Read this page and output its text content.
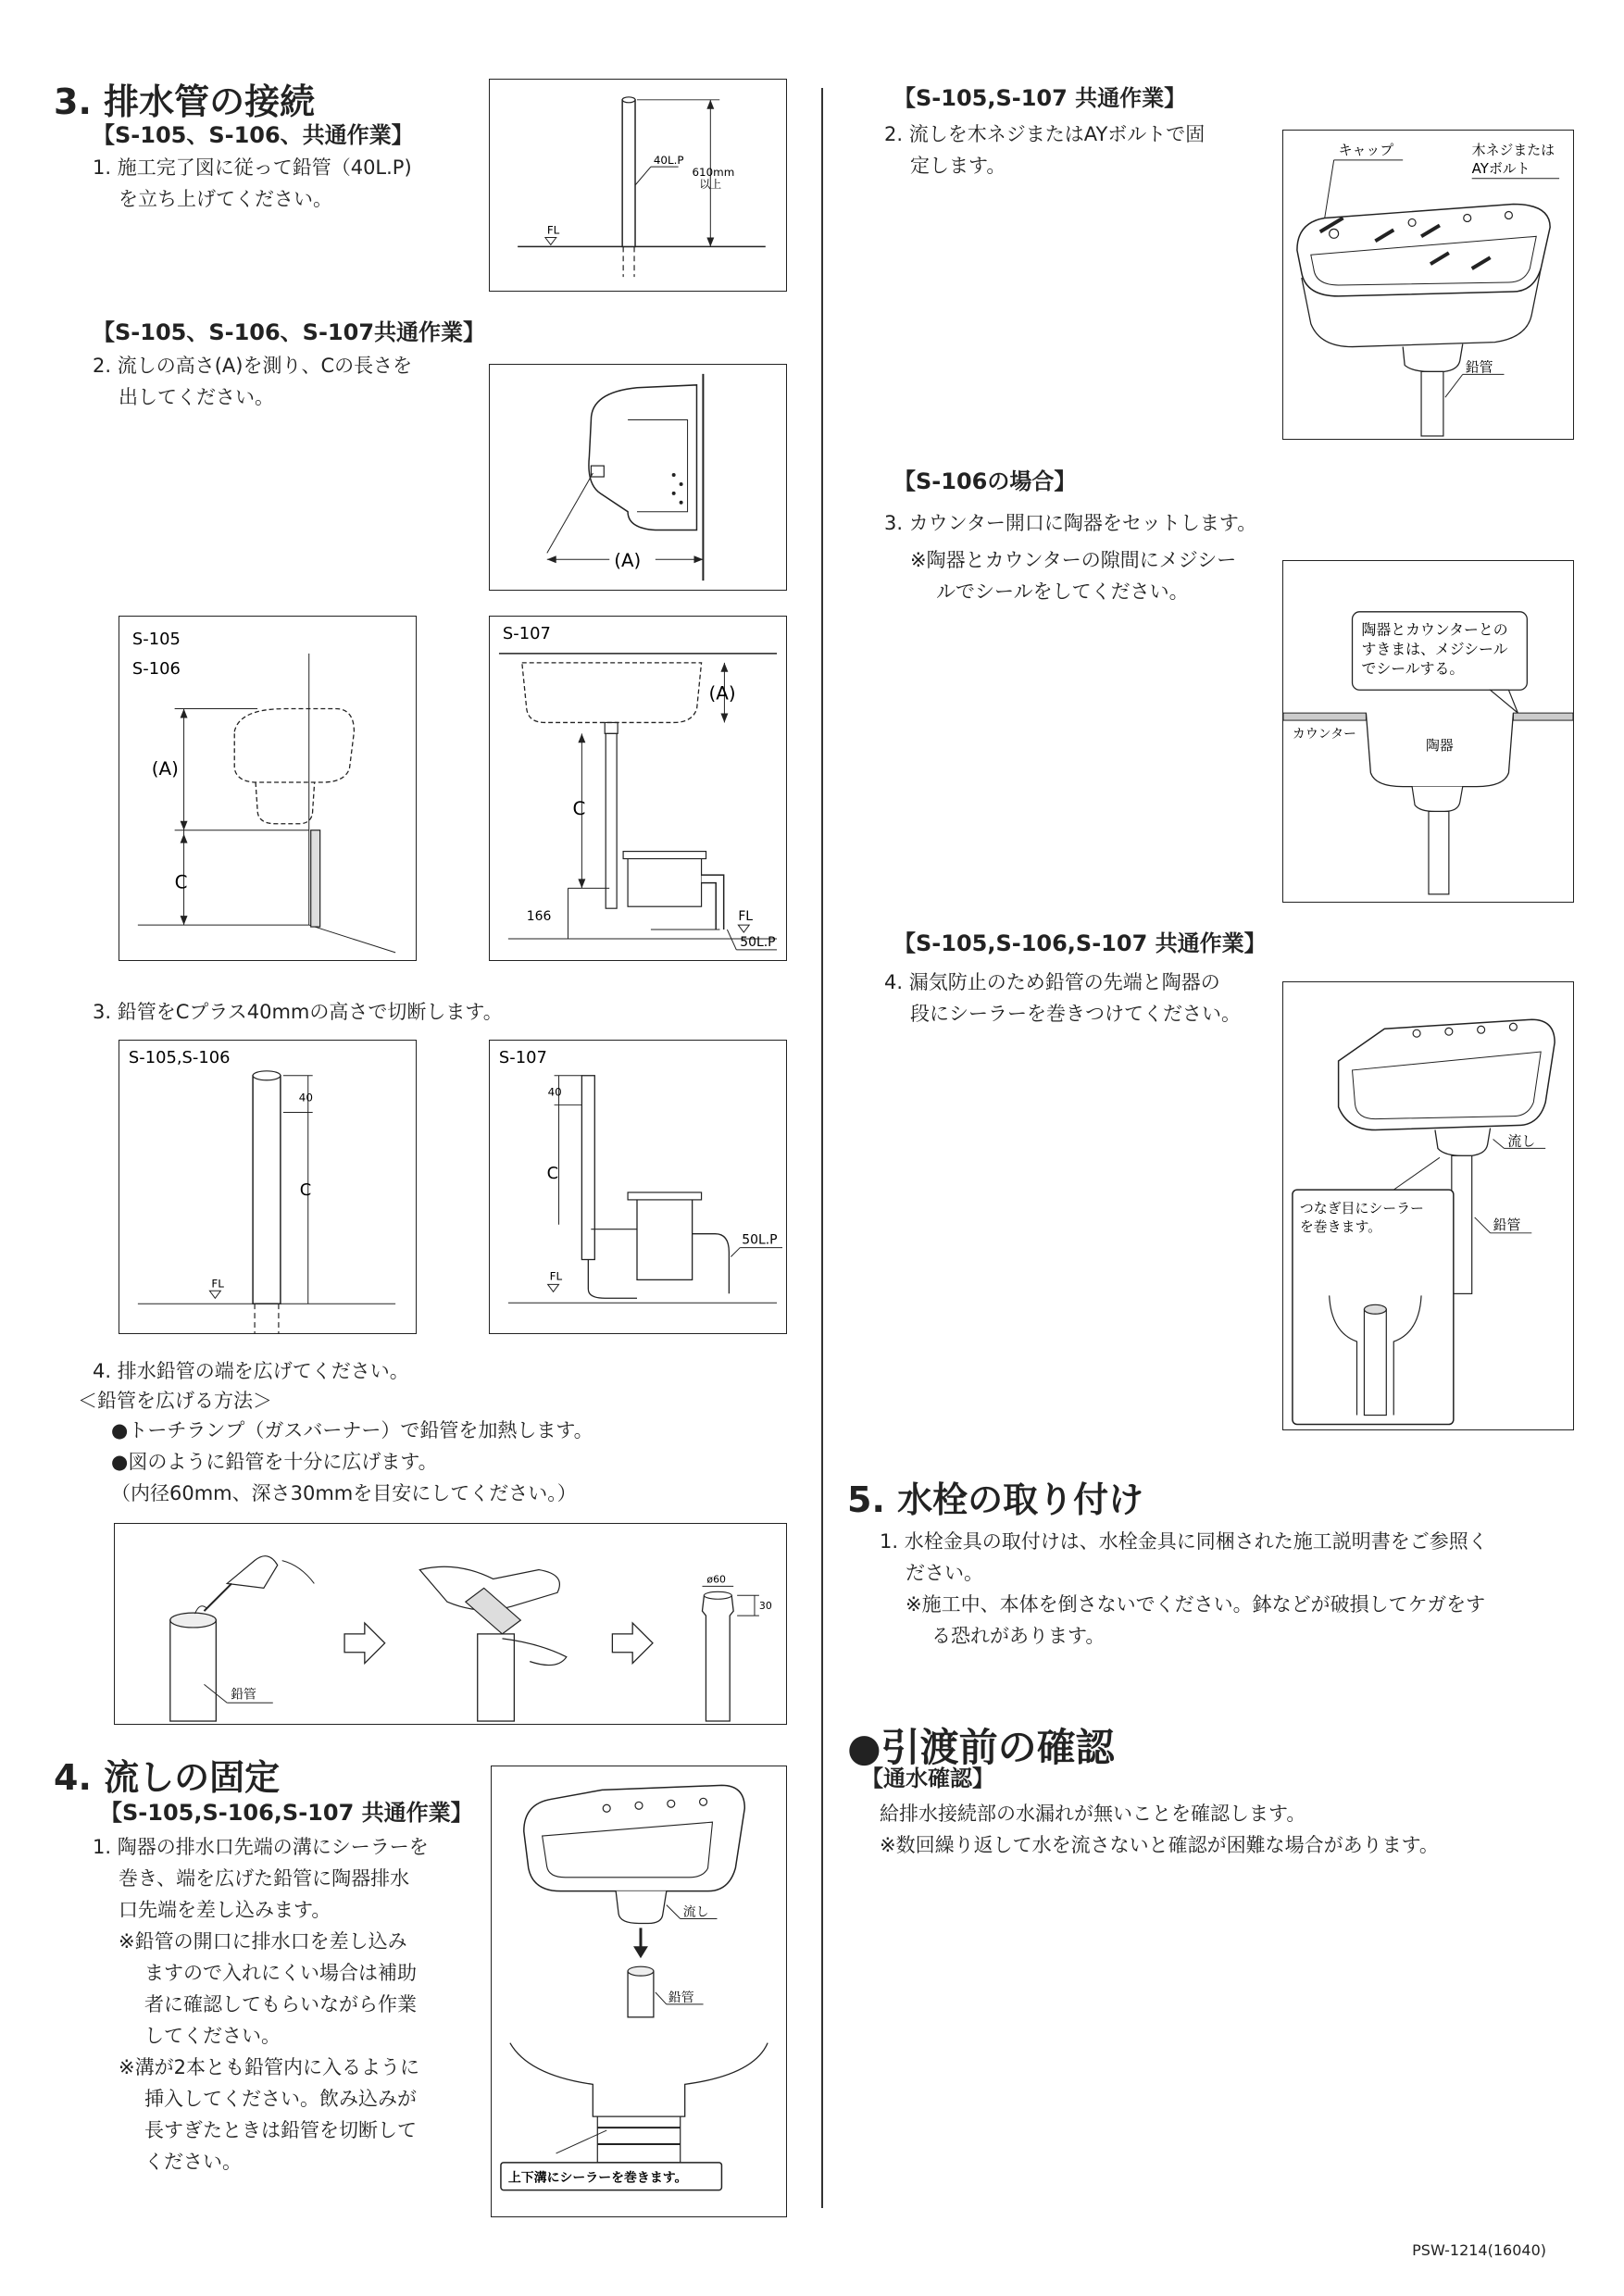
3. 排水管の接続
【S-105、S-106、共通作業】

1. 施工完了図に従って鉛管（40L.P)

を立ち上げてください。

40L.P
610mm
以上
FL
【S-105、S-106、S-107共通作業】

2. 流しの高さ(A)を測り、Cの長さを

出してください。

(A)
S-105
S-106
(A)
C
S-107
(A)
C
166	FL
50L.P
3. 鉛管をCプラス40mmの高さで切断します。
S-105,S-106
40
C
FL
S-107
40
C
FL
50L.P

4. 排水鉛管の端を広げてください。

＜鉛管を広げる方法＞

●トーチランプ（ガスバーナー）で鉛管を加熱します。

●図のように鉛管を十分に広げます。

（内径60mm、深さ30mmを目安にしてください。）

鉛管
ø60
30
4. 流しの固定
【S-105,S-106,S-107 共通作業】

1. 陶器の排水口先端の溝にシーラーを

巻き、端を広げた鉛管に陶器排水

口先端を差し込みます。

※鉛管の開口に排水口を差し込み

ますので入れにくい場合は補助

者に確認してもらいながら作業

してください。

※溝が2本とも鉛管内に入るように

挿入してください。飲み込みが

長すぎたときは鉛管を切断して

ください。

流し
鉛管
上下溝にシーラーを巻きます。
【S-105,S-107 共通作業】

2. 流しを木ネジまたはAYボルトで固

定します。

キャップ	木ネジまたは
AYボルト
鉛管
【S-106の場合】

3. カウンター開口に陶器をセットします。

※陶器とカウンターの隙間にメジシー

ルでシールをしてください。

陶器とカウンターとの
すきまは、メジシール
でシールする。
カウンター
陶器
【S-105,S-106,S-107 共通作業】

4. 漏気防止のため鉛管の先端と陶器の

段にシーラーを巻きつけてください。

流し
鉛管
つなぎ目にシーラー
を巻きます。
5. 水栓の取り付け

1. 水栓金具の取付けは、水栓金具に同梱された施工説明書をご参照く

ださい。

※施工中、本体を倒さないでください。鉢などが破損してケガをす

る恐れがあります。

●引渡前の確認
【通水確認】

給排水接続部の水漏れが無いことを確認します。

※数回繰り返して水を流さないと確認が困難な場合があります。

PSW-1214(16040)
